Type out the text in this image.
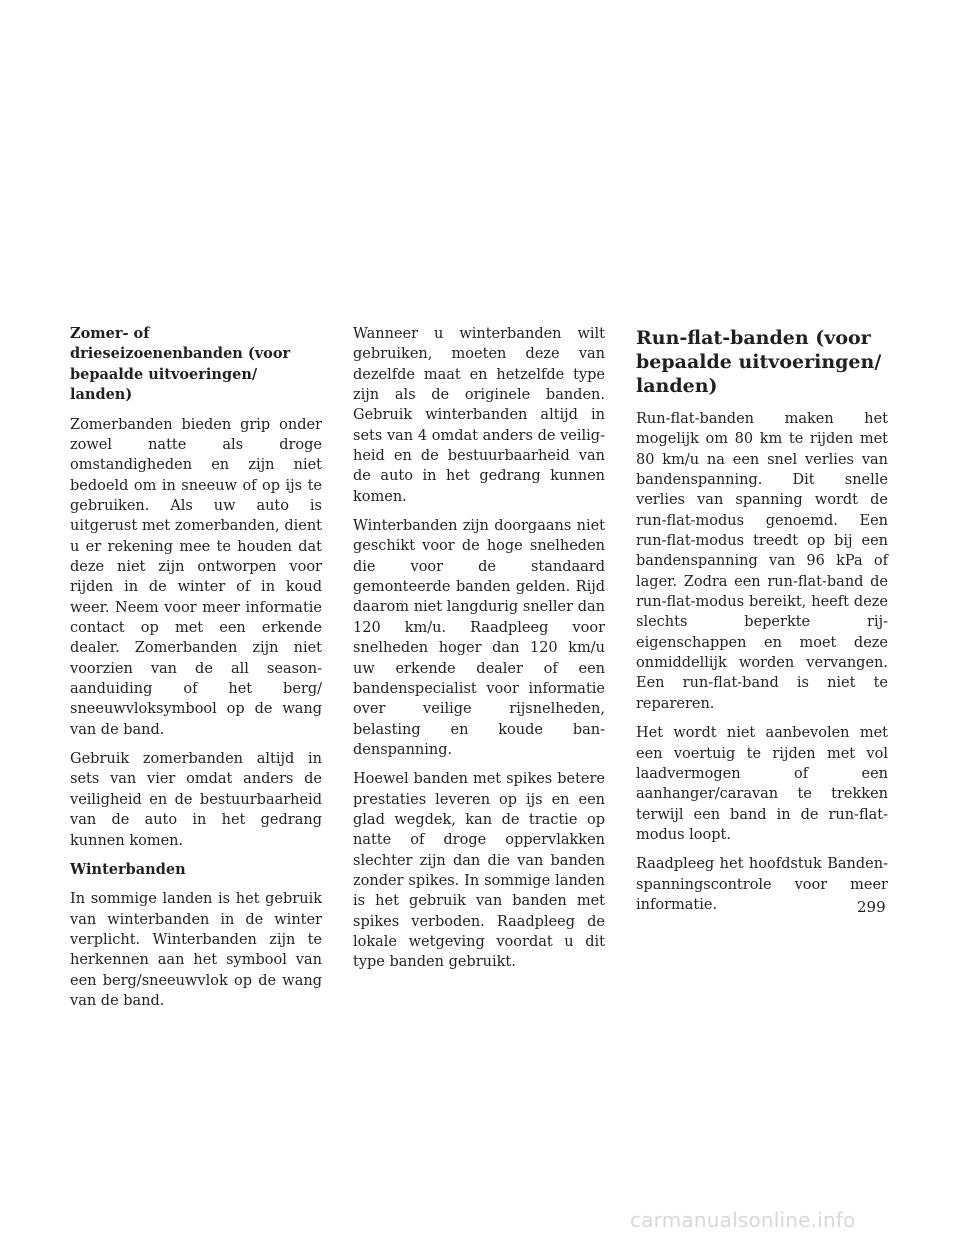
Zomer- of drieseizoenenbanden (voor bepaalde uitvoeringen/ landen)

Zomerbanden bieden grip onder zowel natte als droge omstandigheden en zijn niet bedoeld om in sneeuw of op ijs te gebruiken. Als uw auto is uitgerust met zomerbanden, dient u er rekening mee te houden dat deze niet zijn ontworpen voor rijden in de winter of in koud weer. Neem voor meer informatie contact op met een erkende dealer. Zomerbanden zijn niet voorzien van de all season- aanduiding of het berg/ sneeuwvloksymbool op de wang van de band.

Gebruik zomerbanden altijd in sets van vier omdat anders de veiligheid en de bestuurbaarheid van de auto in het gedrang kunnen komen.

Winterbanden

In sommige landen is het gebruik van winterbanden in de winter verplicht. Winterbanden zijn te herkennen aan het symbool van een berg/sneeuwvlok op de wang van de band.

Wanneer u winterbanden wilt gebruiken, moeten deze van dezelfde maat en hetzelfde type zijn als de originele banden. Gebruik winterbanden altijd in sets van 4 omdat anders de veiligheid en de bestuurbaarheid van de auto in het gedrang kunnen komen.

Winterbanden zijn doorgaans niet geschikt voor de hoge snelheden die voor de standaard gemonteerde banden gelden. Rijd daarom niet langdurig sneller dan 120 km/u. Raadpleeg voor snelheden hoger dan 120 km/u uw erkende dealer of een bandenspecialist voor informatie over veilige rijsnelheden, belasting en koude bandenspanning.

Hoewel banden met spikes betere prestaties leveren op ijs en een glad wegdek, kan de tractie op natte of droge oppervlakken slechter zijn dan die van banden zonder spikes. In sommige landen is het gebruik van banden met spikes verboden. Raadpleeg de lokale wetgeving voordat u dit type banden gebruikt.

Run-flat-banden (voor bepaalde uitvoeringen/ landen)

Run-flat-banden maken het mogelijk om 80 km te rijden met 80 km/u na een snel verlies van bandenspanning. Dit snelle verlies van spanning wordt de run-flat-modus genoemd. Een run-flat-modus treedt op bij een bandenspanning van 96 kPa of lager. Zodra een run-flat-band de run-flat-modus bereikt, heeft deze slechts beperkte rij-eigenschappen en moet deze onmiddellijk worden vervangen. Een run-flat-band is niet te repareren.

Het wordt niet aanbevolen met een voertuig te rijden met vol laadvermogen of een aanhanger/caravan te trekken terwijl een band in de run-flat-modus loopt.

Raadpleeg het hoofdstuk Bandenspanningscontrole voor meer informatie.	299
carmanualsonline.info
